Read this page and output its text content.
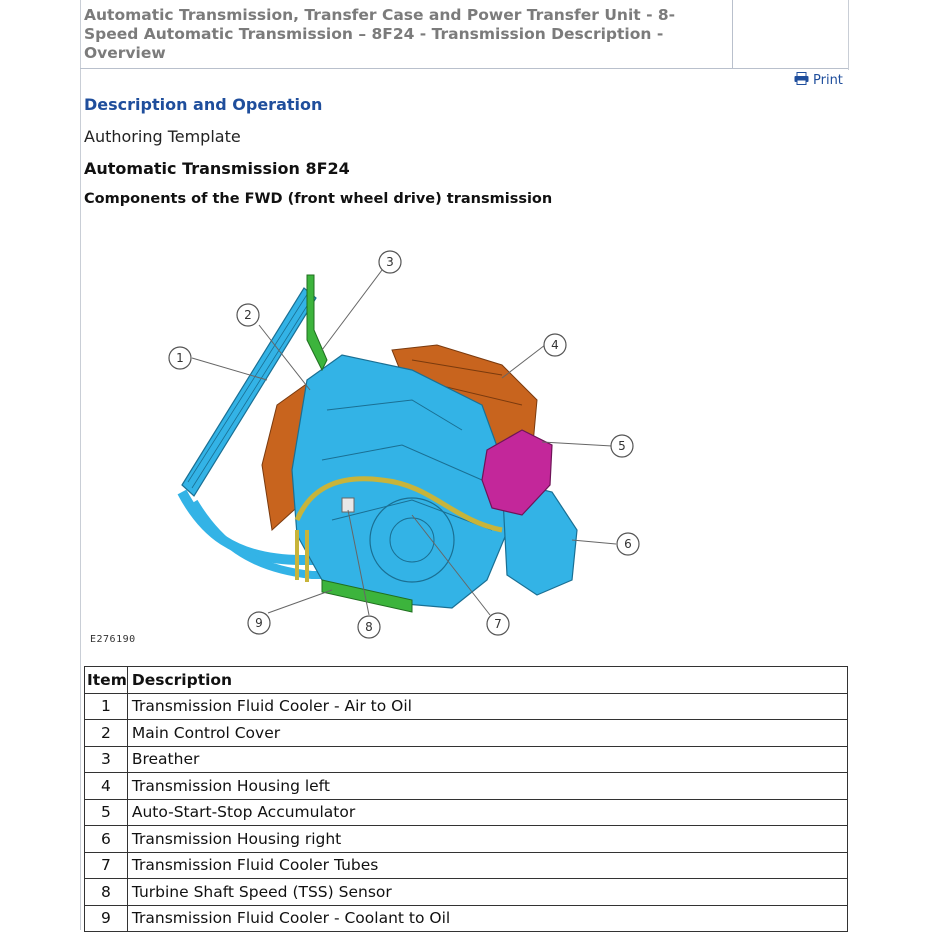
Automatic Transmission, Transfer Case and Power Transfer Unit - 8-Speed Automatic Transmission – 8F24 - Transmission Description - Overview
Print
Description and Operation
Authoring Template
Automatic Transmission 8F24
Components of the FWD (front wheel drive) transmission
1
2
3
4
5
6
7
8
9
E276190
Item	Description
1	Transmission Fluid Cooler - Air to Oil
2	Main Control Cover
3	Breather
4	Transmission Housing left
5	Auto-Start-Stop Accumulator
6	Transmission Housing right
7	Transmission Fluid Cooler Tubes
8	Turbine Shaft Speed (TSS) Sensor
9	Transmission Fluid Cooler - Coolant to Oil
